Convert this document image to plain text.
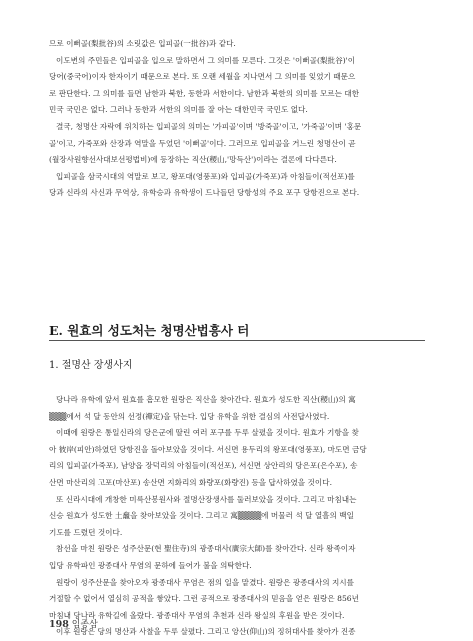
므로 이뻐골(梨批谷)의 소릿값은 입피골(一批谷)과 같다.
이도변의 주민들은 입피골을 입으로 말하면서 그 의미를 모른다. 그것은 '이뻐골(梨批谷)'이
당어(중국어)이자 한자이기 때문으로 본다. 또 오랜 세월을 지나면서 그 의미를 잊었기 때문으
로 판단한다. 그 의미를 들면 남한과 북한, 동한과 서한이다. 남한과 북한의 의미를 모르는 대한
민국 국민은 없다. 그러나 동한과 서한의 의미를 잘 아는 대한민국 국민도 없다.
결국, 청명산 자락에 위치하는 입피골의 의미는 '가피골'이며 '방죽골'이고, '가죽골'이며 '홍문
골'이고, 가죽포와 산장과 역말을 두었던 '이뻐골'이다. 그러므로 입피골을 거느린 청명산이 곧
(월장사원향선사대보선평법비)에 등장하는 직산(稷山,'망득산')이라는 결론에 다다른다.
입피골을 삼국시대의 역말로 보고, 왕포대(영풍포)와 입피골(가죽포)과 아침들이(적선포)를
당과 신라의 사신과 무역상, 유학승과 유학생이 드나들던 당항성의 주요 포구 당항진으로 본다.
E. 원효의 성도처는 청명산법흥사 터
1. 절명산 장생사지
당나라 유학에 앞서 원효를 흠모한 원랑은 직산을 찾아간다. 원효가 성도한 직산(稷山)의 寓
▒▒▒에서 석 달 동안의 선정(禪定)을 닦는다. 입당 유학을 위한 결심의 사전답사였다.
이때에 원랑은 통일신라의 당은군에 딸린 여러 포구를 두루 살폈을 것이다. 원효가 기항을 찾
아 彼岸(피안)하였던 당항진을 돌아보았을 것이다. 서신면 용두리의 왕포대(영풍포), 마도면 금당
리의 입피골(가죽포), 남양읍 장덕리의 아침들이(적선포), 서신면 상안리의 당은포(은수포), 송
산면 마산리의 고포(마산포) 송산면 지화리의 화량포(화량진) 등을 답사하였을 것이다.
또 신라시대에 개창한 미륵산봉원사와 절명산장생사를 둘러보았을 것이다. 그리고 마침내는
신승 원효가 성도한 土龕을 찾아보았을 것이다. 그리고 寓▒▒▒▒에 머물러 석 달 열흘의 백일
기도를 드렸던 것이다.
참선을 마친 원랑은 성주산문(현 聖住寺)의 광종대사(廣宗大師)를 찾아간다. 신라 왕족이자
입당 유학파인 광종대사 무염의 문하에 들어가 불을 의탁한다.
원랑이 성주산문을 찾아오자 광종대사 무염은 점의 일을 맡겼다. 원랑은 광종대사의 지시를
거절할 수 없어서 열심히 공적을 쌓았다. 그런 공적으로 광종대사의 믿음을 얻은 원랑은 856년
마침내 당나라 유학길에 올랐다. 광종대사 무염의 추천과 신라 왕실의 후원을 받은 것이다.
이후 원랑은 당의 명산과 사찰을 두루 살폈다. 그리고 앙산(仰山)의 징허대사를 찾아가 진종
198 임종삼
